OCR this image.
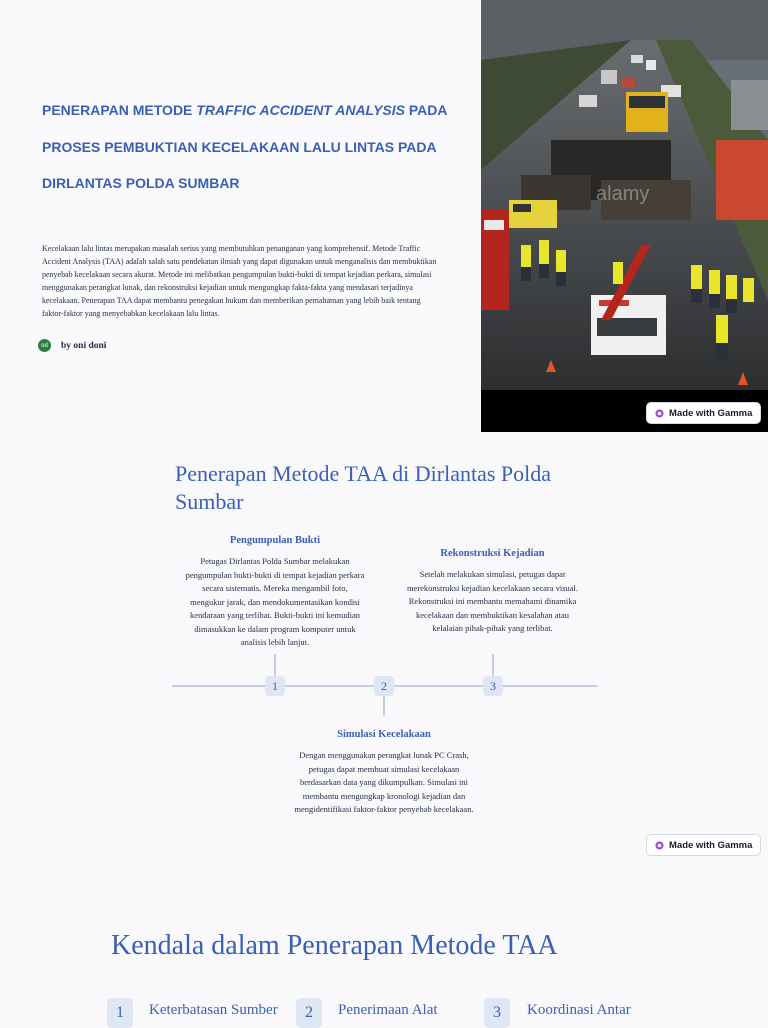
PENERAPAN METODE TRAFFIC ACCIDENT ANALYSIS PADA
PROSES PEMBUKTIAN KECELAKAAN LALU LINTAS PADA
DIRLANTAS POLDA SUMBAR

Kecelakaan lalu lintas merupakan masalah serius yang membutuhkan penanganan yang komprehensif. Metode Traffic Accident Analysis (TAA) adalah salah satu pendekatan ilmiah yang dapat digunakan untuk menganalisis dan membuktikan penyebab kecelakaan secara akurat. Metode ini melibatkan pengumpulan bukti-bukti di tempat kejadian perkara, simulasi menggunakan perangkat lunak, dan rekonstruksi kejadian untuk mengungkap fakta-fakta yang mendasari terjadinya kecelakaan. Penerapan TAA dapat membantu penegakan hukum dan memberikan pemahaman yang lebih baik tentang faktor-faktor yang menyebabkan kecelakaan lalu lintas.

od	by oni doni
alamy
Made with Gamma
Penerapan Metode TAA di Dirlantas Polda Sumbar
Pengumpulan Bukti

Petugas Dirlantas Polda Sumbar melakukan pengumpulan bukti-bukti di tempat kejadian perkara secara sistematis. Mereka mengambil foto, mengukur jarak, dan mendokumentasikan kondisi kendaraan yang terlibat. Bukti-bukti ini kemudian dimasukkan ke dalam program komputer untuk analisis lebih lanjut.

Rekonstruksi Kejadian

Setelah melakukan simulasi, petugas dapat merekonstruksi kejadian kecelakaan secara visual. Rekonstruksi ini membantu memahami dinamika kecelakaan dan membuktikan kesalahan atau kelalaian pihak-pihak yang terlibat.

1	2	3
Simulasi Kecelakaan

Dengan menggunakan perangkat lunak PC Crash, petugas dapat membuat simulasi kecelakaan berdasarkan data yang dikumpulkan. Simulasi ini membantu mengungkap kronologi kejadian dan mengidentifikasi faktor-faktor penyebab kecelakaan.

Made with Gamma
Kendala dalam Penerapan Metode TAA
1	Keterbatasan Sumber	2	Penerimaan Alat	3	Koordinasi Antar
